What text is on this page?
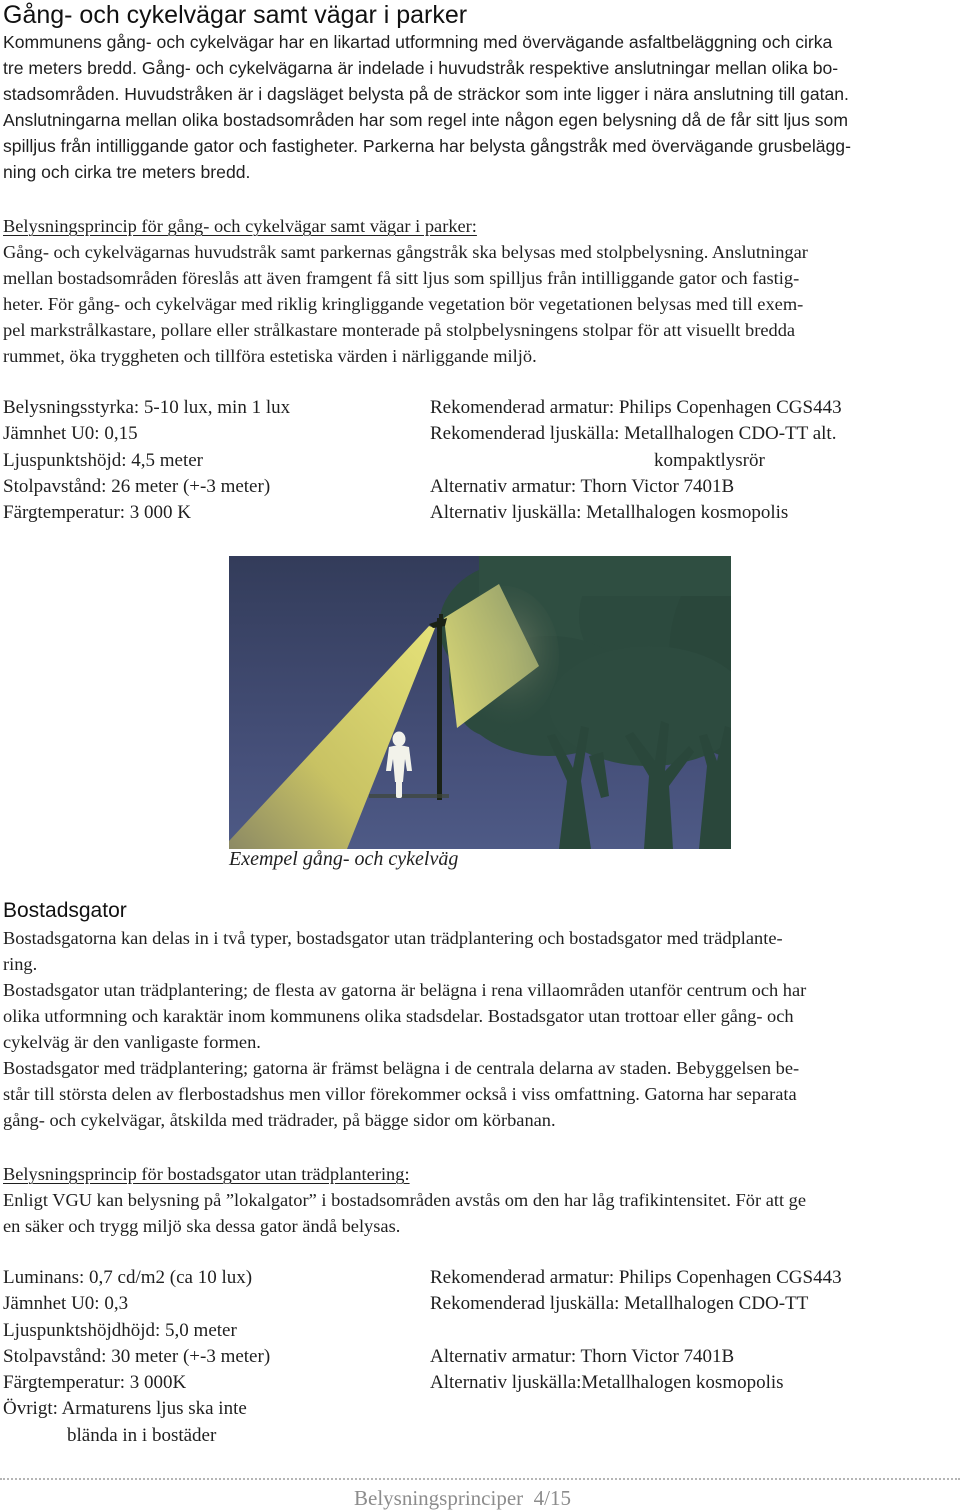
Gång- och cykelvägar samt vägar i parker
Kommunens gång- och cykelvägar har en likartad utformning med övervägande asfaltbeläggning och cirka
tre meters bredd. Gång- och cykelvägarna är indelade i huvudstråk respektive anslutningar mellan olika bo-
stadsområden. Huvudstråken är i dagsläget belysta på de sträckor som inte ligger i nära anslutning till gatan.
Anslutningarna mellan olika bostadsområden har som regel inte någon egen belysning då de får sitt ljus som
spilljus från intilliggande gator och fastigheter. Parkerna har belysta gångstråk med övervägande grusbelägg-
ning och cirka tre meters bredd.
Belysningsprincip för gång- och cykelvägar samt vägar i parker:
Gång- och cykelvägarnas huvudstråk samt parkernas gångstråk ska belysas med stolpbelysning. Anslutningar
mellan bostadsområden föreslås att även framgent få sitt ljus som spilljus från intilliggande gator och fastig-
heter. För gång- och cykelvägar med riklig kringliggande vegetation bör vegetationen belysas med till exem-
pel markstrålkastare, pollare eller strålkastare monterade på stolpbelysningens stolpar för att visuellt bredda
rummet, öka tryggheten och tillföra estetiska värden i närliggande miljö.
Belysningsstyrka: 5-10 lux, min 1 lux
Jämnhet U0: 0,15
Ljuspunktshöjd: 4,5 meter
Stolpavstånd: 26 meter (+-3 meter)
Färgtemperatur: 3 000 K
Rekomenderad armatur: Philips Copenhagen CGS443
Rekomenderad ljuskälla: Metallhalogen CDO-TT alt.
kompaktlysrör
Alternativ armatur: Thorn Victor 7401B
Alternativ ljuskälla: Metallhalogen kosmopolis
Exempel gång- och cykelväg
Bostadsgator
Bostadsgatorna kan delas in i två typer, bostadsgator utan trädplantering och bostadsgator med trädplante-
ring.
Bostadsgator utan trädplantering; de flesta av gatorna är belägna i rena villaområden utanför centrum och har
olika utformning och karaktär inom kommunens olika stadsdelar. Bostadsgator utan trottoar eller gång- och
cykelväg är den vanligaste formen.
Bostadsgator med trädplantering; gatorna är främst belägna i de centrala delarna av staden. Bebyggelsen be-
står till största delen av flerbostadshus men villor förekommer också i viss omfattning. Gatorna har separata
gång- och cykelvägar, åtskilda med trädrader, på bägge sidor om körbanan.
Belysningsprincip för bostadsgator utan trädplantering:
Enligt VGU kan belysning på ”lokalgator” i bostadsområden avstås om den har låg trafikintensitet. För att ge
en säker och trygg miljö ska dessa gator ändå belysas.
Luminans: 0,7 cd/m2 (ca 10 lux)
Jämnhet U0: 0,3
Ljuspunktshöjdhöjd: 5,0 meter
Stolpavstånd: 30 meter (+-3 meter)
Färgtemperatur: 3 000K
Övrigt: Armaturens ljus ska inte
blända in i bostäder
Rekomenderad armatur: Philips Copenhagen CGS443
Rekomenderad ljuskälla: Metallhalogen CDO-TT
Alternativ armatur: Thorn Victor 7401B
Alternativ ljuskälla:Metallhalogen kosmopolis
Belysningsprinciper 4/15
